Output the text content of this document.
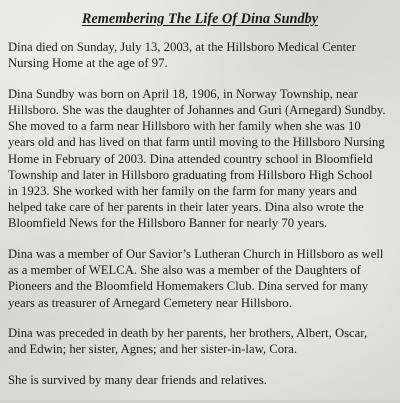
Remembering The Life Of Dina Sundby

Dina died on Sunday, July 13, 2003, at the Hillsboro Medical Center
Nursing Home at the age of 97.

Dina Sundby was born on April 18, 1906, in Norway Township, near
Hillsboro. She was the daughter of Johannes and Guri (Arnegard) Sundby.
She moved to a farm near Hillsboro with her family when she was 10
years old and has lived on that farm until moving to the Hillsboro Nursing
Home in February of 2003. Dina attended country school in Bloomfield
Township and later in Hillsboro graduating from Hillsboro High School
in 1923. She worked with her family on the farm for many years and
helped take care of her parents in their later years. Dina also wrote the
Bloomfield News for the Hillsboro Banner for nearly 70 years.

Dina was a member of Our Savior’s Lutheran Church in Hillsboro as well
as a member of WELCA. She also was a member of the Daughters of
Pioneers and the Bloomfield Homemakers Club. Dina served for many
years as treasurer of Arnegard Cemetery near Hillsboro.

Dina was preceded in death by her parents, her brothers, Albert, Oscar,
and Edwin; her sister, Agnes; and her sister-in-law, Cora.

She is survived by many dear friends and relatives.
